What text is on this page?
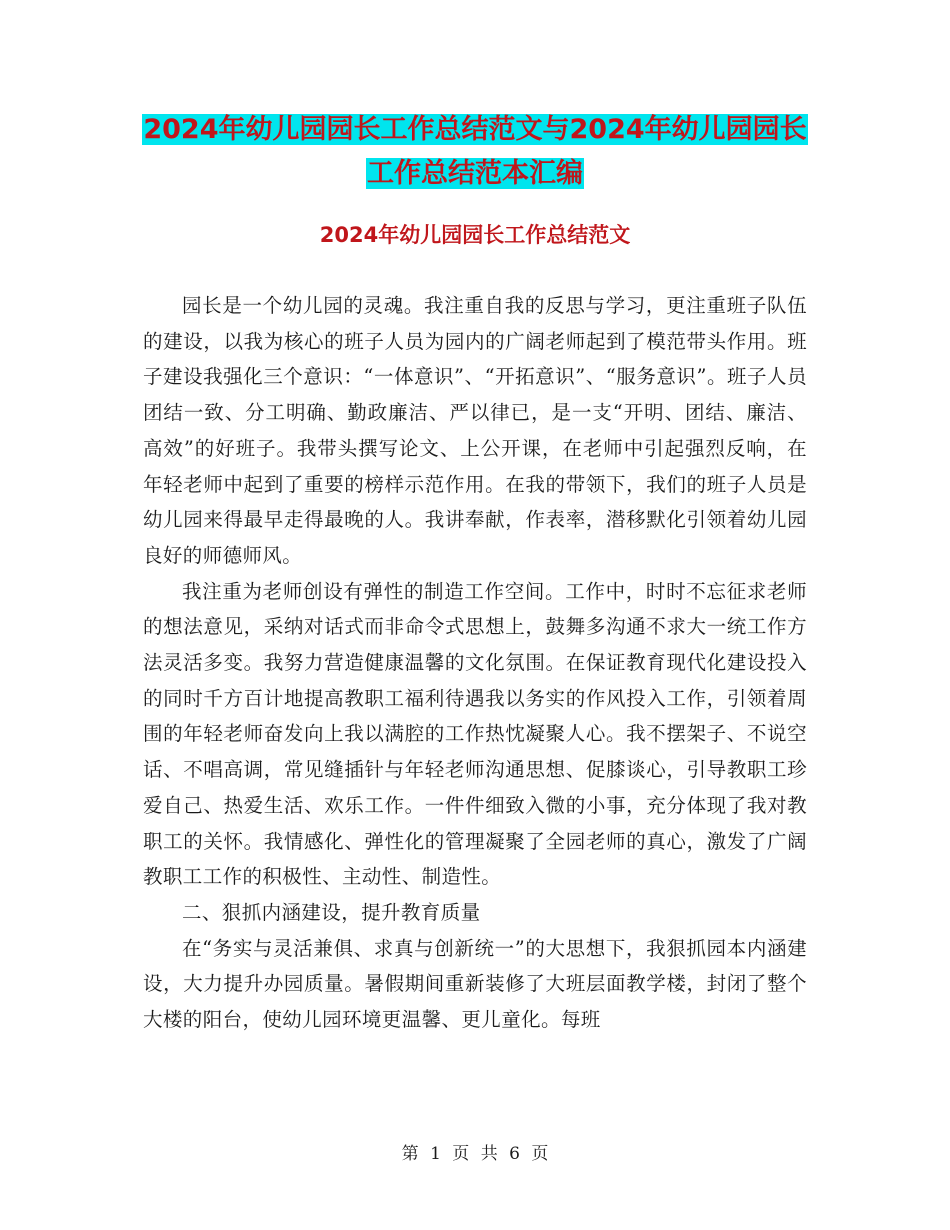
2024年幼儿园园长工作总结范文与2024年幼儿园园长
工作总结范本汇编
2024年幼儿园园长工作总结范文

园长是一个幼儿园的灵魂。我注重自我的反思与学习，更注重班子队伍的建设，以我为核心的班子人员为园内的广阔老师起到了模范带头作用。班子建设我强化三个意识：“一体意识”、“开拓意识”、“服务意识”。班子人员团结一致、分工明确、勤政廉洁、严以律已，是一支“开明、团结、廉洁、高效”的好班子。我带头撰写论文、上公开课，在老师中引起强烈反响，在年轻老师中起到了重要的榜样示范作用。在我的带领下，我们的班子人员是幼儿园来得最早走得最晚的人。我讲奉献，作表率，潜移默化引领着幼儿园良好的师德师风。

我注重为老师创设有弹性的制造工作空间。工作中，时时不忘征求老师的想法意见，采纳对话式而非命令式思想上，鼓舞多沟通不求大一统工作方法灵活多变。我努力营造健康温馨的文化氛围。在保证教育现代化建设投入的同时千方百计地提高教职工福利待遇我以务实的作风投入工作，引领着周围的年轻老师奋发向上我以满腔的工作热忱凝聚人心。我不摆架子、不说空话、不唱高调，常见缝插针与年轻老师沟通思想、促膝谈心，引导教职工珍爱自己、热爱生活、欢乐工作。一件件细致入微的小事，充分体现了我对教职工的关怀。我情感化、弹性化的管理凝聚了全园老师的真心，激发了广阔教职工工作的积极性、主动性、制造性。

二、狠抓内涵建设，提升教育质量

在“务实与灵活兼俱、求真与创新统一”的大思想下，我狠抓园本内涵建设，大力提升办园质量。暑假期间重新装修了大班层面教学楼，封闭了整个大楼的阳台，使幼儿园环境更温馨、更儿童化。每班

第 1 页 共 6 页
